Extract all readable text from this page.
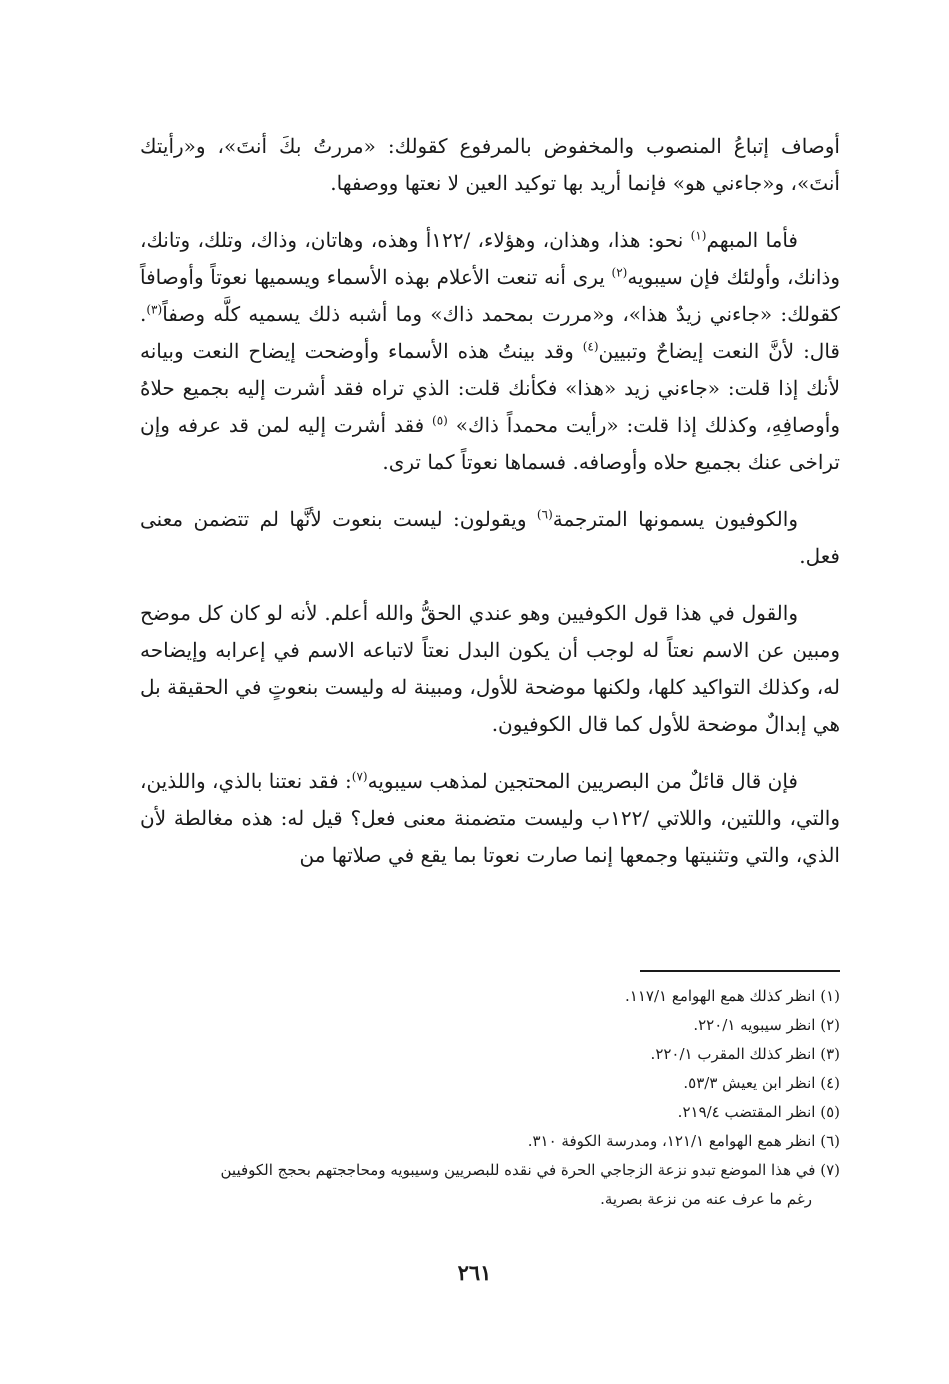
أوصاف إتباعُ المنصوب والمخفوض بالمرفوع كقولك: «مررتُ بكَ أنتَ»، و«رأيتك أنتَ»، و«جاءني هو» فإنما أريد بها توكيد العين لا نعتها ووصفها.

فأما المبهم$^{(١)}$ نحو: هذا، وهذان، وهؤلاء، /١٢٢أ وهذه، وهاتان، وذاك، وتلك، وتانك، وذانك، وأولئك فإن سيبويه$^{(٢)}$ يرى أنه تنعت الأعلام بهذه الأسماء ويسميها نعوتاً وأوصافاً كقولك: «جاءني زيدٌ هذا»، و«مررت بمحمد ذاك» وما أشبه ذلك يسميه كلَّه وصفاً$^{(٣)}$. قال: لأنَّ النعت إيضاحٌ وتبيين$^{(٤)}$ وقد بينتُ هذه الأسماء وأوضحت إيضاح النعت وبيانه لأنك إذا قلت: «جاءني زيد «هذا» فكأنك قلت: الذي تراه فقد أشرت إليه بجميع حلاهُ وأوصافِهِ، وكذلك إذا قلت: «رأيت محمداً ذاك» $^{(٥)}$ فقد أشرت إليه لمن قد عرفه وإن تراخى عنك بجميع حلاه وأوصافه. فسماها نعوتاً كما ترى.

والكوفيون يسمونها المترجمة$^{(٦)}$ ويقولون: ليست بنعوت لأنَّها لم تتضمن معنى فعل.

والقول في هذا قول الكوفيين وهو عندي الحقُّ والله أعلم. لأنه لو كان كل موضح ومبين عن الاسم نعتاً له لوجب أن يكون البدل نعتاً لاتباعه الاسم في إعرابه وإيضاحه له، وكذلك التواكيد كلها، ولكنها موضحة للأول، ومبينة له وليست بنعوتٍ في الحقيقة بل هي إبدالٌ موضحة للأول كما قال الكوفيون.

فإن قال قائلٌ من البصريين المحتجين لمذهب سيبويه$^{(٧)}$: فقد نعتنا بالذي، واللذين، والتي، واللتين، واللاتي /١٢٢ب وليست متضمنة معنى فعل؟ قيل له: هذه مغالطة لأن الذي، والتي وتثنيتها وجمعها إنما صارت نعوتا بما يقع في صلاتها من

(١) انظر كذلك همع الهوامع ١١٧/١.

(٢) انظر سيبويه ٢٢٠/١.

(٣) انظر كذلك المقرب ٢٢٠/١.

(٤) انظر ابن يعيش ٥٣/٣.

(٥) انظر المقتضب ٢١٩/٤.

(٦) انظر همع الهوامع ١٢١/١، ومدرسة الكوفة ٣١٠.

(٧) في هذا الموضع تبدو نزعة الزجاجي الحرة في نقده للبصريين وسيبويه ومحاججتهم بحجج الكوفيين

رغم ما عرف عنه من نزعة بصرية.

٢٦١
